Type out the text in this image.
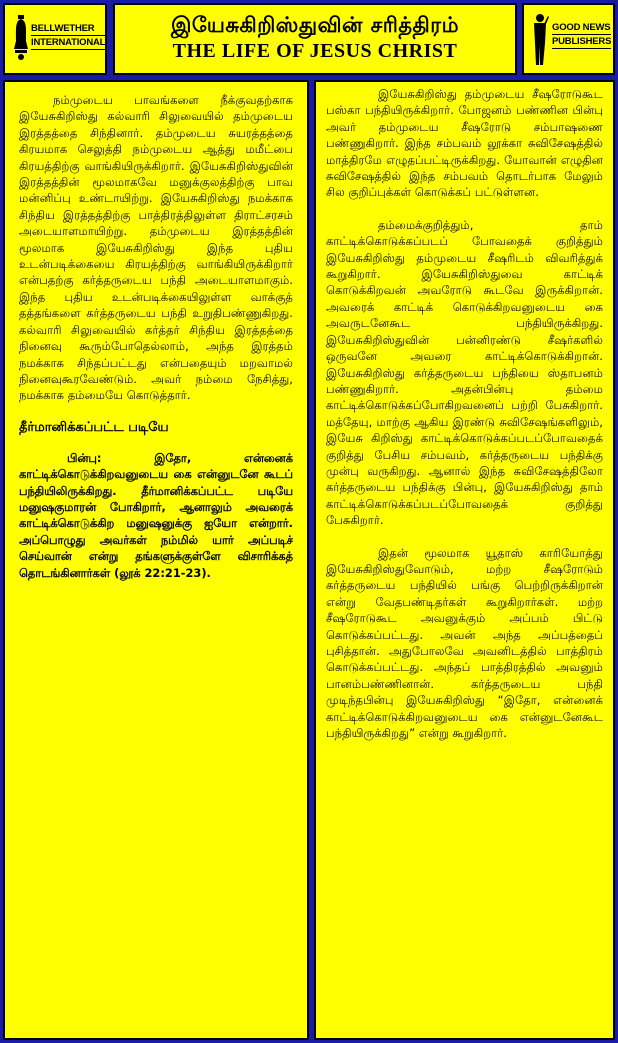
BELLWETHER
INTERNATIONAL
இயேசுகிறிஸ்துவின் சரித்திரம்
THE LIFE OF JESUS CHRIST
GOOD NEWS
PUBLISHERS

நம்முடைய பாவங்களை நீக்குவதற்காக இயேசுகிறிஸ்து கல்வாரி சிலுவையில் தம்முடைய இரத்தத்தை சிந்தினார். தம்முடைய சுயரத்தத்தை கிரயமாக செலுத்தி நம்முடைய ஆத்து மமீட்பை கிரயத்திற்கு வாங்கியிருக்கிறார். இயேசுகிறிஸ்துவின் இரத்தத்தின் மூலமாகவே மனுக்குலத்திற்கு பாவ மன்னிப்பு உண்டாயிற்று. இயேசுகிறிஸ்து நமக்காக சிந்திய இரத்தத்திற்கு பாத்திரத்திலுள்ள திராட்சரசம் அடையாளமாயிற்று. தம்முடைய இரத்தத்தின் மூலமாக இயேசுகிறிஸ்து இந்த புதிய உடன்படிக்கையை கிரயத்திற்கு வாங்கியிருக்கிறார் என்பதற்கு கர்த்தருடைய பந்தி அடையாளமாகும். இந்த புதிய உடன்படிக்கையிலுள்ள வாக்குத் தத்தங்களை கர்த்தருடைய பந்தி உறுதிபண்ணுகிறது. கல்வாரி சிலுவையில் கர்த்தர் சிந்திய இரத்தத்தை நினைவு கூரும்போதெல்லாம், அந்த இரத்தம் நமக்காக சிந்தப்பட்டது என்பதையும் மறவாமல் நினைவுகூரவேண்டும். அவர் நம்மை நேசித்து, நமக்காக தம்மையே கொடுத்தார்.

தீர்மானிக்கப்பட்ட படியே

பின்பு: இதோ, என்னைக் காட்டிக்கொடுக்கிறவனுடைய கை என்னுடனே கூடப் பந்தியிலிருக்கிறது. தீர்மானிக்கப்பட்ட படியே மனுஷகுமாரன் போகிறார், ஆனாலும் அவரைக் காட்டிக்கொடுக்கிற மனுஷனுக்கு ஐயோ என்றார். அப்பொழுது அவர்கள் நம்மில் யார் அப்படிச் செய்வான் என்று தங்களுக்குள்ளே விசாரிக்கத் தொடங்கினார்கள் (லூக் 22:21-23).

இயேசுகிறிஸ்து தம்முடைய சீஷரோடுகூட பஸ்கா பந்தியிருக்கிறார். போஜனம் பண்ணின பின்பு அவர் தம்முடைய சீஷரோடு சம்பாஷணை பண்ணுகிறார். இந்த சம்பவம் லூக்கா சுவிசேஷத்தில் மாத்திரமே எழுதப்பட்டிருக்கிறது. யோவான் எழுதின சுவிசேஷத்தில் இந்த சம்பவம் தொடர்பாக மேலும் சில குறிப்புக்கள் கொடுக்கப் பட்டுள்ளன.

தம்மைக்குறித்தும், தாம் காட்டிக்கொடுக்கப்படப் போவதைக் குறித்தும் இயேசுகிறிஸ்து தம்முடைய சீஷரிடம் விவரித்துக் கூறுகிறார். இயேசுகிறிஸ்துவை காட்டிக் கொடுக்கிறவன் அவரோடு கூடவே இருக்கிறான். அவரைக் காட்டிக் கொடுக்கிறவனுடைய கை அவருடனேகூட பந்தியிருக்கிறது. இயேசுகிறிஸ்துவின் பன்னிரண்டு சீஷர்களில் ஒருவனே அவரை காட்டிக்கொடுக்கிறான். இயேசுகிறிஸ்து கர்த்தருடைய பந்தியை ஸ்தாபனம் பண்ணுகிறார். அதன்பின்பு தம்மை காட்டிக்கொடுக்கப்போகிறவனைப் பற்றி பேசுகிறார். மத்தேயு, மாற்கு ஆகிய இரண்டு சுவிசேஷங்களிலும், இயேசு கிறிஸ்து காட்டிக்கொடுக்கப்படப்போவதைக் குறித்து பேசிய சம்பவம், கர்த்தருடைய பந்திக்கு முன்பு வருகிறது. ஆனால் இந்த சுவிசேஷத்திலோ கர்த்தருடைய பந்திக்கு பின்பு, இயேசுகிறிஸ்து தாம் காட்டிக்கொடுக்கப்படப்போவதைக் குறித்து பேசுகிறார்.

இதன் மூலமாக யூதாஸ் காரியோத்து இயேசுகிறிஸ்துவோடும், மற்ற சீஷரோடும் கர்த்தருடைய பந்தியில் பங்கு பெற்றிருக்கிறான் என்று வேதபண்டிதர்கள் கூறுகிறார்கள். மற்ற சீஷரோடுகூட அவனுக்கும் அப்பம் பிட்டு கொடுக்கப்பட்டது. அவன் அந்த அப்பத்தைப் புசித்தான். அதுபோலவே அவனிடத்தில் பாத்திரம் கொடுக்கப்பட்டது. அந்தப் பாத்திரத்தில் அவனும் பானம்பண்ணினான். கர்த்தருடைய பந்தி முடிந்தபின்பு இயேசுகிறிஸ்து “இதோ, என்னைக் காட்டிக்கொடுக்கிறவனுடைய கை என்னுடனேகூட பந்தியிருக்கிறது” என்று கூறுகிறார்.
